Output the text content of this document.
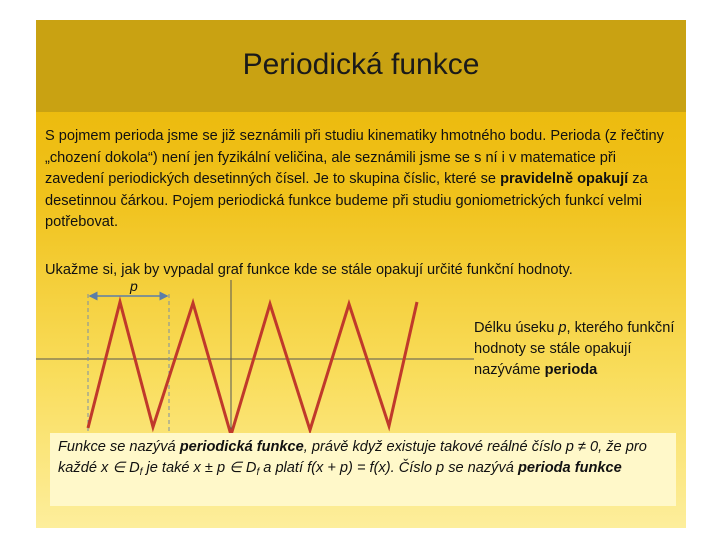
Periodická funkce
S pojmem perioda jsme se již seznámili při studiu kinematiky hmotného bodu. Perioda (z řečtiny „chození dokola“) není jen fyzikální veličina, ale seznámili jsme se s ní i v matematice při zavedení periodických desetinných čísel. Je to skupina číslic, které se pravidelně opakují za desetinnou čárkou. Pojem periodická funkce budeme při studiu goniometrických funkcí velmi potřebovat.
Ukažme si, jak by vypadal graf funkce kde se stále opakují určité funkční hodnoty.
p
Délku úseku p, kterého funkční hodnoty se stále opakují nazýváme perioda
Funkce se nazývá periodická funkce, právě když existuje takové reálné číslo p ≠ 0, že pro každé x ∈ $D_f$ je také x ± p ∈ $D_f$ a platí f(x + p) = f(x). Číslo p se nazývá perioda funkce
